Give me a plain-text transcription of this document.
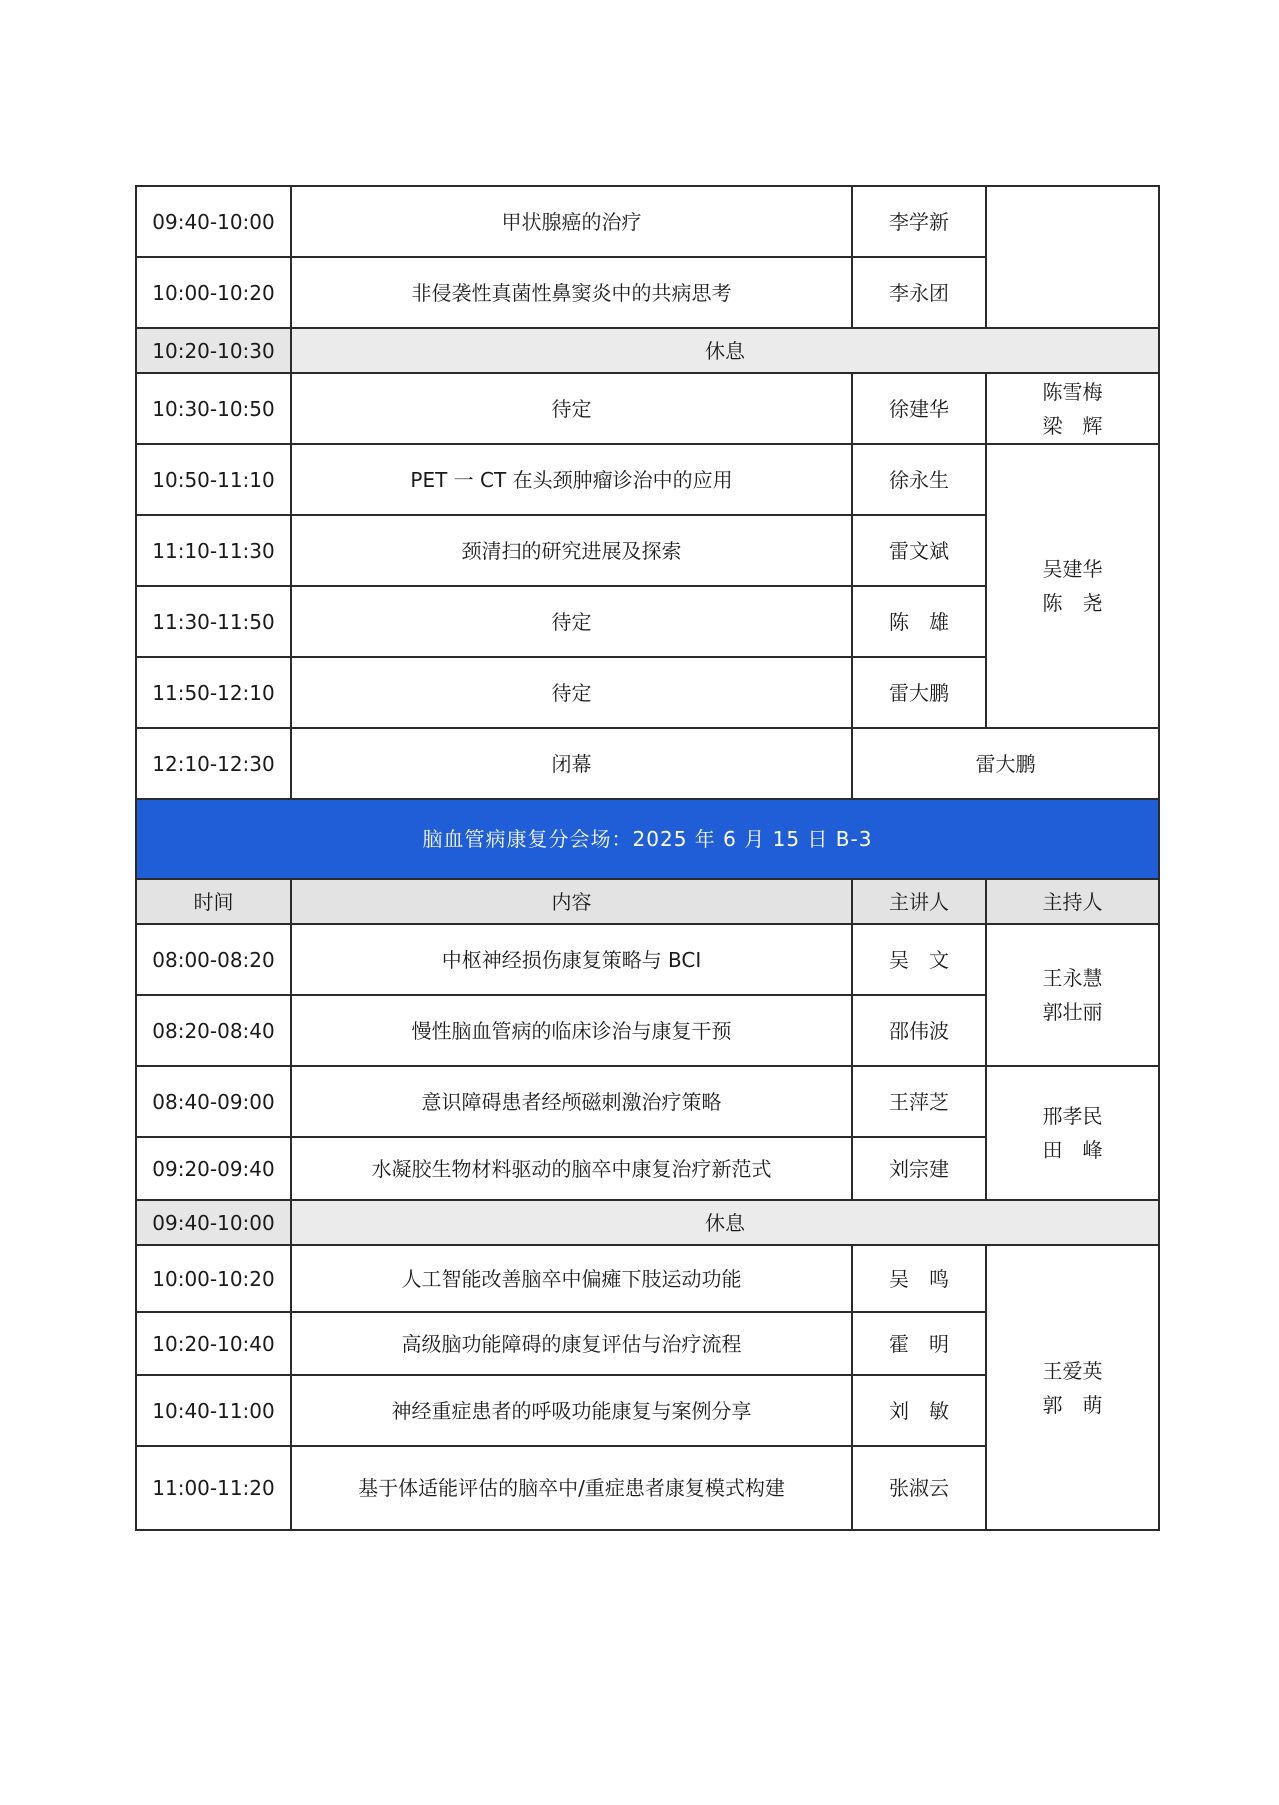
09:40-10:00	甲状腺癌的治疗	李学新	
10:00-10:20	非侵袭性真菌性鼻窦炎中的共病思考	李永团	
10:20-10:30	休息		
10:30-10:50	待定	徐建华	陈雪梅
梁　辉

10:50-11:10	PET 一 CT 在头颈肿瘤诊治中的应用	徐永生	吴建华
陈　尧

11:10-11:30	颈清扫的研究进展及探索	雷文斌	
11:30-11:50	待定	陈　雄	
11:50-12:10	待定	雷大鹏	
12:10-12:30	闭幕	雷大鹏	
脑血管病康复分会场：2025 年 6 月 15 日 B-3			
时间	内容	主讲人	主持人
08:00-08:20	中枢神经损伤康复策略与 BCI	吴　文	王永慧
郭壮丽

08:20-08:40	慢性脑血管病的临床诊治与康复干预	邵伟波	
08:40-09:00	意识障碍患者经颅磁刺激治疗策略	王萍芝	邢孝民
田　峰

09:20-09:40	水凝胶生物材料驱动的脑卒中康复治疗新范式	刘宗建	
09:40-10:00	休息		
10:00-10:20	人工智能改善脑卒中偏瘫下肢运动功能	吴　鸣	王爱英
郭　萌

10:20-10:40	高级脑功能障碍的康复评估与治疗流程	霍　明	
10:40-11:00	神经重症患者的呼吸功能康复与案例分享	刘　敏	
11:00-11:20	基于体适能评估的脑卒中/重症患者康复模式构建	张淑云	
